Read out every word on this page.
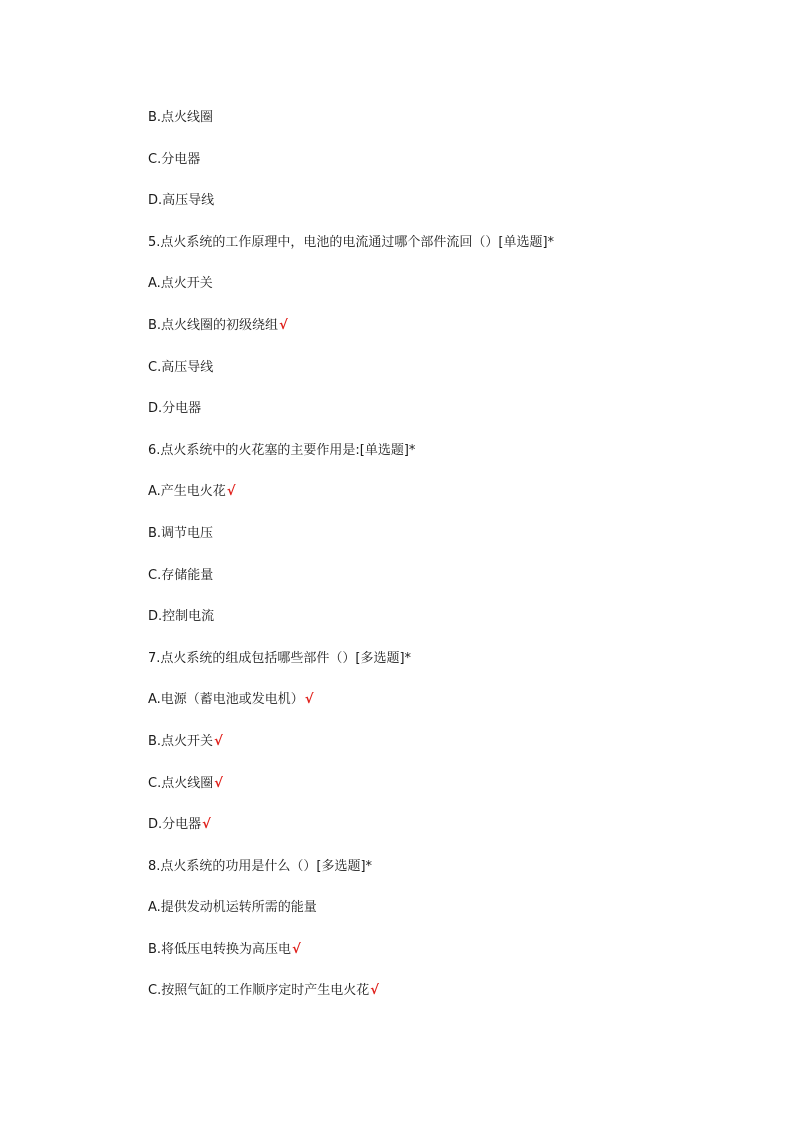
B.点火线圈
C.分电器
D.高压导线
5.点火系统的工作原理中，电池的电流通过哪个部件流回（）[单选题]*
A.点火开关
B.点火线圈的初级绕组√
C.高压导线
D.分电器
6.点火系统中的火花塞的主要作用是:[单选题]*
A.产生电火花√
B.调节电压
C.存储能量
D.控制电流
7.点火系统的组成包括哪些部件（）[多选题]*
A.电源（蓄电池或发电机）√
B.点火开关√
C.点火线圈√
D.分电器√
8.点火系统的功用是什么（）[多选题]*
A.提供发动机运转所需的能量
B.将低压电转换为高压电√
C.按照气缸的工作顺序定时产生电火花√
